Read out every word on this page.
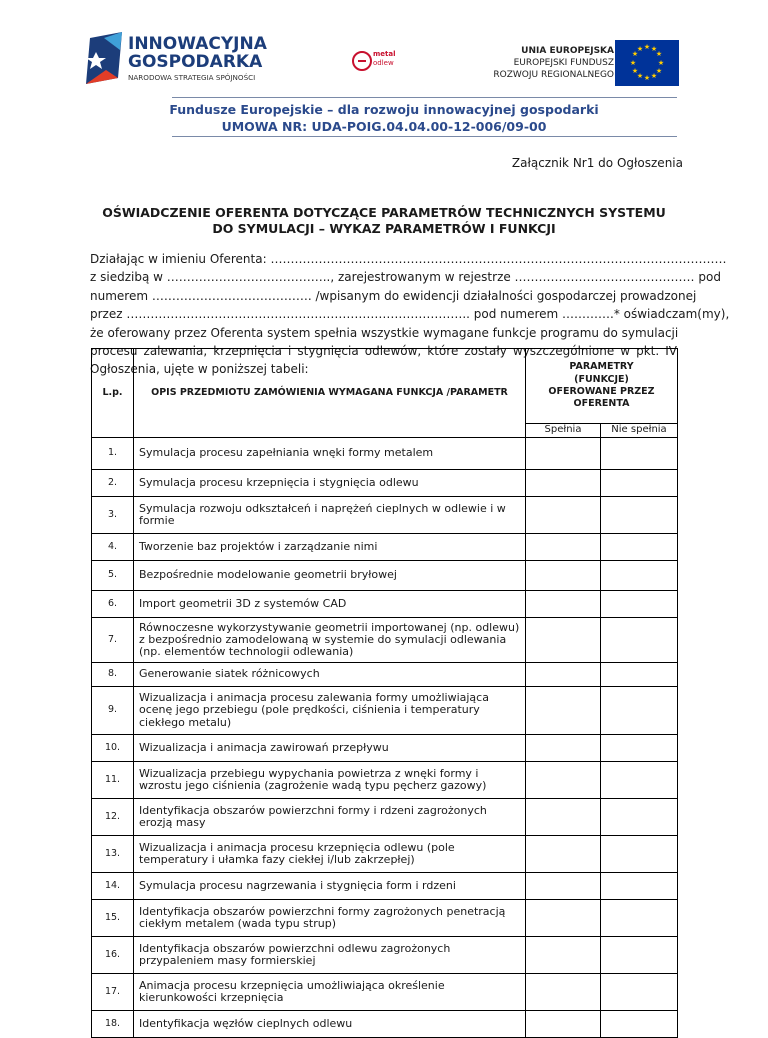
INNOWACYJNA
GOSPODARKA
NARODOWA STRATEGIA SPÓJNOŚCI
metal
odlew
UNIA EUROPEJSKA
EUROPEJSKI FUNDUSZ
ROZWOJU REGIONALNEGO
★ ★
★
★
★
★
★
★
★
★
★
★
Fundusze Europejskie – dla rozwoju innowacyjnej gospodarki
UMOWA NR: UDA-POIG.04.04.00-12-006/09-00
Załącznik Nr1 do Ogłoszenia
OŚWIADCZENIE OFERENTA DOTYCZĄCE PARAMETRÓW TECHNICZNYCH SYSTEMU
DO SYMULACJI – WYKAZ PARAMETRÓW I FUNKCJI
Działając w imieniu Oferenta: ……………………………………………………………………………………………………
z siedzibą w ………………………………….., zarejestrowanym w rejestrze ……………………………………… pod
numerem …………………………………. /wpisanym do ewidencji działalności gospodarczej prowadzonej
przez ………………………………………………………………………….. pod numerem ………….* oświadczam(my),
że oferowany przez Oferenta system spełnia wszystkie wymagane funkcje programu do symulacji
procesu zalewania, krzepnięcia i stygnięcia odlewów, które zostały wyszczególnione w pkt. IV
Ogłoszenia, ujęte w poniższej tabeli:
L.p.	OPIS PRZEDMIOTU ZAMÓWIENIA WYMAGANA FUNKCJA /PARAMETR	PARAMETRY (FUNKCJE) OFEROWANE PRZEZ OFERENTA	
		Spełnia	Nie spełnia
1.	Symulacja procesu zapełniania wnęki formy metalem		
2.	Symulacja procesu krzepnięcia i stygnięcia odlewu		
3.	Symulacja rozwoju odkształceń i naprężeń cieplnych w odlewie i w formie		
4.	Tworzenie baz projektów i zarządzanie nimi		
5.	Bezpośrednie modelowanie geometrii bryłowej		
6.	Import geometrii 3D z systemów CAD		
7.	Równoczesne wykorzystywanie geometrii importowanej (np. odlewu) z bezpośrednio zamodelowaną w systemie do symulacji odlewania (np. elementów technologii odlewania)		
8.	Generowanie siatek różnicowych		
9.	Wizualizacja i animacja procesu zalewania formy umożliwiająca ocenę jego przebiegu (pole prędkości, ciśnienia i temperatury ciekłego metalu)		
10.	Wizualizacja i animacja zawirowań przepływu		
11.	Wizualizacja przebiegu wypychania powietrza z wnęki formy i wzrostu jego ciśnienia (zagrożenie wadą typu pęcherz gazowy)		
12.	Identyfikacja obszarów powierzchni formy i rdzeni zagrożonych erozją masy		
13.	Wizualizacja i animacja procesu krzepnięcia odlewu (pole temperatury i ułamka fazy ciekłej i/lub zakrzepłej)		
14.	Symulacja procesu nagrzewania i stygnięcia form i rdzeni		
15.	Identyfikacja obszarów powierzchni formy zagrożonych penetracją ciekłym metalem (wada typu strup)		
16.	Identyfikacja obszarów powierzchni odlewu zagrożonych przypaleniem masy formierskiej		
17.	Animacja procesu krzepnięcia umożliwiająca określenie kierunkowości krzepnięcia		
18.	Identyfikacja węzłów cieplnych odlewu		
